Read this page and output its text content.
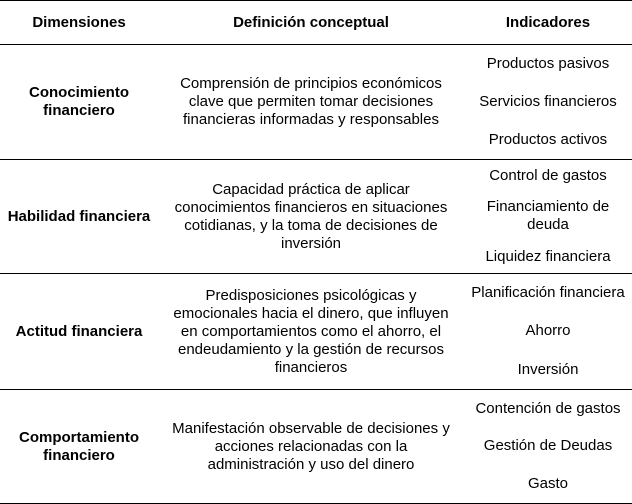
Dimensiones	Definición conceptual	Indicadores
Conocimiento financiero	Comprensión de principios económicos clave que permiten tomar decisiones financieras informadas y responsables	Productos pasivos
Servicios financieros
Productos activos

Habilidad financiera	Capacidad práctica de aplicar conocimientos financieros en situaciones cotidianas, y la toma de decisiones de inversión	Control de gastos
Financiamiento de deuda
Liquidez financiera

Actitud financiera	Predisposiciones psicológicas y emocionales hacia el dinero, que influyen en comportamientos como el ahorro, el endeudamiento y la gestión de recursos financieros	Planificación financiera
Ahorro
Inversión

Comportamiento financiero	Manifestación observable de decisiones y acciones relacionadas con la administración y uso del dinero	Contención de gastos
Gestión de Deudas
Gasto
